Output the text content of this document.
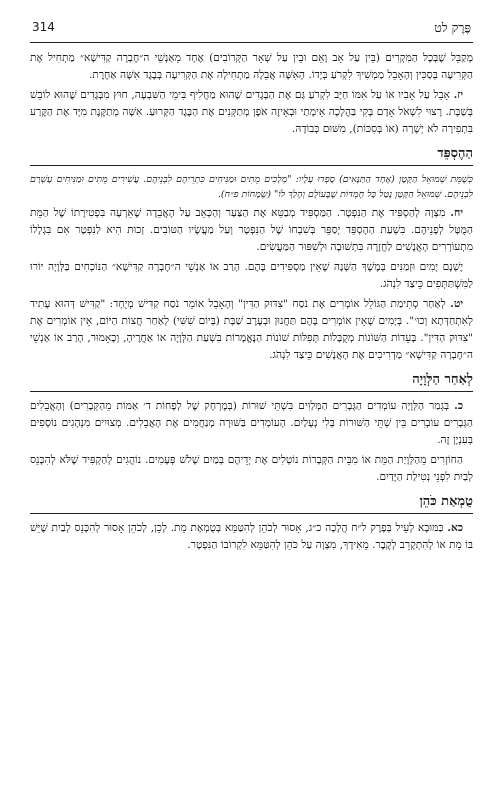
314	פֶּרֶק לט

מְקַבֵּל שֶׁבְּכָל הַמִּקְרִים (בֵּין עַל אָב וָאֵם וּבֵין עַל שְׁאָר הַקְּרוֹבִים) אֶחָד מֵאַנְשֵׁי ה״חֶבְרָה קַדִּישָׁא״ מַתְחִיל אֶת הַקְּרִיעָה בְּסַכִּין וְהָאָבֵל מַמְשִׁיךְ לִקְרֹעַ בְּיָדוֹ. הָאִשָּׁה אֲבֵלָה מַתְחִילָה אֶת הַקְּרִיעָה בְּבֶגֶד אִשָּׁה אַחֶרֶת.

יז. אָבֵל עַל אָבִיו אוֹ עַל אִמּוֹ חַיָּב לִקְרֹעַ גַּם אֶת הַבְּגָדִים שֶׁהוּא מַחֲלִיף בִּימֵי הַשִּׁבְעָה, חוּץ מִבְּגָדִים שֶׁהוּא לוֹבֵשׁ בְּשַׁבָּת. רָצוּי לִשְׁאֹל אָדָם בָּקִי בַּהֲלָכָה אֵימָתַי וּבְאֵיזֶה אֹפֶן מְתַקְּנִים אֶת הַבֶּגֶד הַקָּרוּעַ. אִשָּׁה מְתַקֶּנֶת מִיָּד אֶת הַקֶּרַע בִּתְפִירָה לֹא יְשָׁרָה (אוֹ בְּסִכּוֹת), מִשּׁוּם כְּבוֹדָהּ.

הַהֶסְפֵּד

כְּשֶׁמֵּת שְׁמוּאֵל הַקָּטָן (אֶחָד הַתַּנָּאִים) סָפְדוּ עָלָיו: "מְלָכִים מֵתִים וּמַנִּיחִים כִּתְרֵיהֶם לִבְנֵיהֶם. עֲשִׁירִים מֵתִים וּמַנִּיחִים עָשְׁרָם לִבְנֵיהֶם. שְׁמוּאֵל הַקָּטָן נָטַל כָּל חֶמְדּוֹת שֶׁבָּעוֹלָם וְהָלַךְ לוֹ" (שְׂמָחוֹת פ״ח).

יח. מִצְוָה לְהַסְפִּיד אֶת הַנִּפְטָר. הַמַּסְפִּיד מְבַטֵּא אֶת הַצַּעַר וְהַכְּאֵב עַל הָאֲבֵדָה שֶׁאֵרְעָה בִּפְטִירָתוֹ שֶׁל הַמֵּת הַמֻּטָּל לְפָנֵיהֶם. בִּשְׁעַת הַהֶסְפֵּד יְסַפֵּר בְּשִׁבְחוֹ שֶׁל הַנִּפְטָר וְעַל מַעֲשָׂיו הַטּוֹבִים. זְכוּת הִיא לַנִּפְטָר אִם בִּגְלָלוֹ מִתְעוֹרְרִים הָאֲנָשִׁים לַחֲזָרָה בִּתְשׁוּבָה וּלְשִׁפּוּר הַמַּעֲשִׂים.

יֶשְׁנָם יָמִים וּזְמַנִּים בְּמֶשֶׁךְ הַשָּׁנָה שֶׁאֵין מַסְפִּידִים בָּהֶם. הָרַב אוֹ אַנְשֵׁי ה״חֶבְרָה קַדִּישָׁא״ הַנּוֹכְחִים בַּלְּוָיָה יוֹרוּ לַמִּשְׁתַּתְּפִים כֵּיצַד לִנְהֹג.

יט. לְאַחַר סְתִימַת הַגּוֹלֵל אוֹמְרִים אֶת נֹסַח "צִדּוּק הַדִּין" וְהָאָבֵל אוֹמֵר נֹסַח קַדִּישׁ מְיֻחָד: "קַדִּישׁ דְּהוּא עָתִיד לְאִתְחַדְּתָא וְכוּ׳". בְּיָמִים שֶׁאֵין אוֹמְרִים בָּהֶם תַּחֲנוּן וּבְעֶרֶב שַׁבָּת (בְּיוֹם שִׁשִּׁי) לְאַחַר חֲצוֹת הַיּוֹם, אֵין אוֹמְרִים אֶת "צִדּוּק הַדִּין". בָּעֵדוֹת הַשּׁוֹנוֹת מְקֻבָּלוֹת תְּפִלּוֹת שׁוֹנוֹת הַנֶּאֱמָרוֹת בִּשְׁעַת הַלְּוָיָה אוֹ אַחֲרֶיהָ, וְכָאָמוּר, הָרַב אוֹ אַנְשֵׁי ה״חֶבְרָה קַדִּישָׁא״ מַדְרִיכִים אֶת הָאֲנָשִׁים כֵּיצַד לִנְהֹג.

לְאַחַר הַלְּוָיָה

כ. בְּגְמַר הַלְּוָיָה עוֹמְדִים הַגְּבָרִים הַמְּלַוִּים בִּשְׁתֵּי שׁוּרוֹת (בְּמֶרְחָק שֶׁל לְפָחוֹת ד׳ אַמּוֹת מֵהַקְּבָרִים) וְהָאֲבֵלִים הַגְּבָרִים עוֹבְרִים בֵּין שְׁתֵּי הַשּׁוּרוֹת בְּלִי נְעָלַיִם. הָעוֹמְדִים בַּשּׁוּרָה מְנַחֲמִים אֶת הָאֲבֵלִים. מְצוּיִים מִנְהָגִים נוֹסָפִים בְּעִנְיָן זֶה.

הַחוֹזְרִים מֵהַלְּוָיַת הַמֵּת אוֹ מִבֵּית הַקְּבָרוֹת נוֹטְלִים אֶת יְדֵיהֶם בְּמַיִם שָׁלֹשׁ פְּעָמִים. נוֹהֲגִים לְהַקְפִּיד שֶׁלֹּא לְהִכָּנֵס לְבַיִת לִפְנֵי נְטִילַת הַיָּדַיִם.

טֻמְאַת כֹּהֵן

כא. כַּמּוּבָא לְעֵיל בְּפֶרֶק ל״ח הֲלָכָה כ״ג, אָסוּר לְכֹהֵן לְהִטַּמֵּא בְּטֻמְאַת מֵת. לָכֵן, לְכֹהֵן אָסוּר לְהִכָּנֵס לְבַיִת שֶׁיֵּשׁ בּוֹ מֵת אוֹ לְהִתְקָרֵב לְקֶבֶר. מֵאִידָךְ, מִצְוָה עַל כֹּהֵן לְהִטַּמֵּא לִקְרוֹבוֹ הַנִּפְטָר.
